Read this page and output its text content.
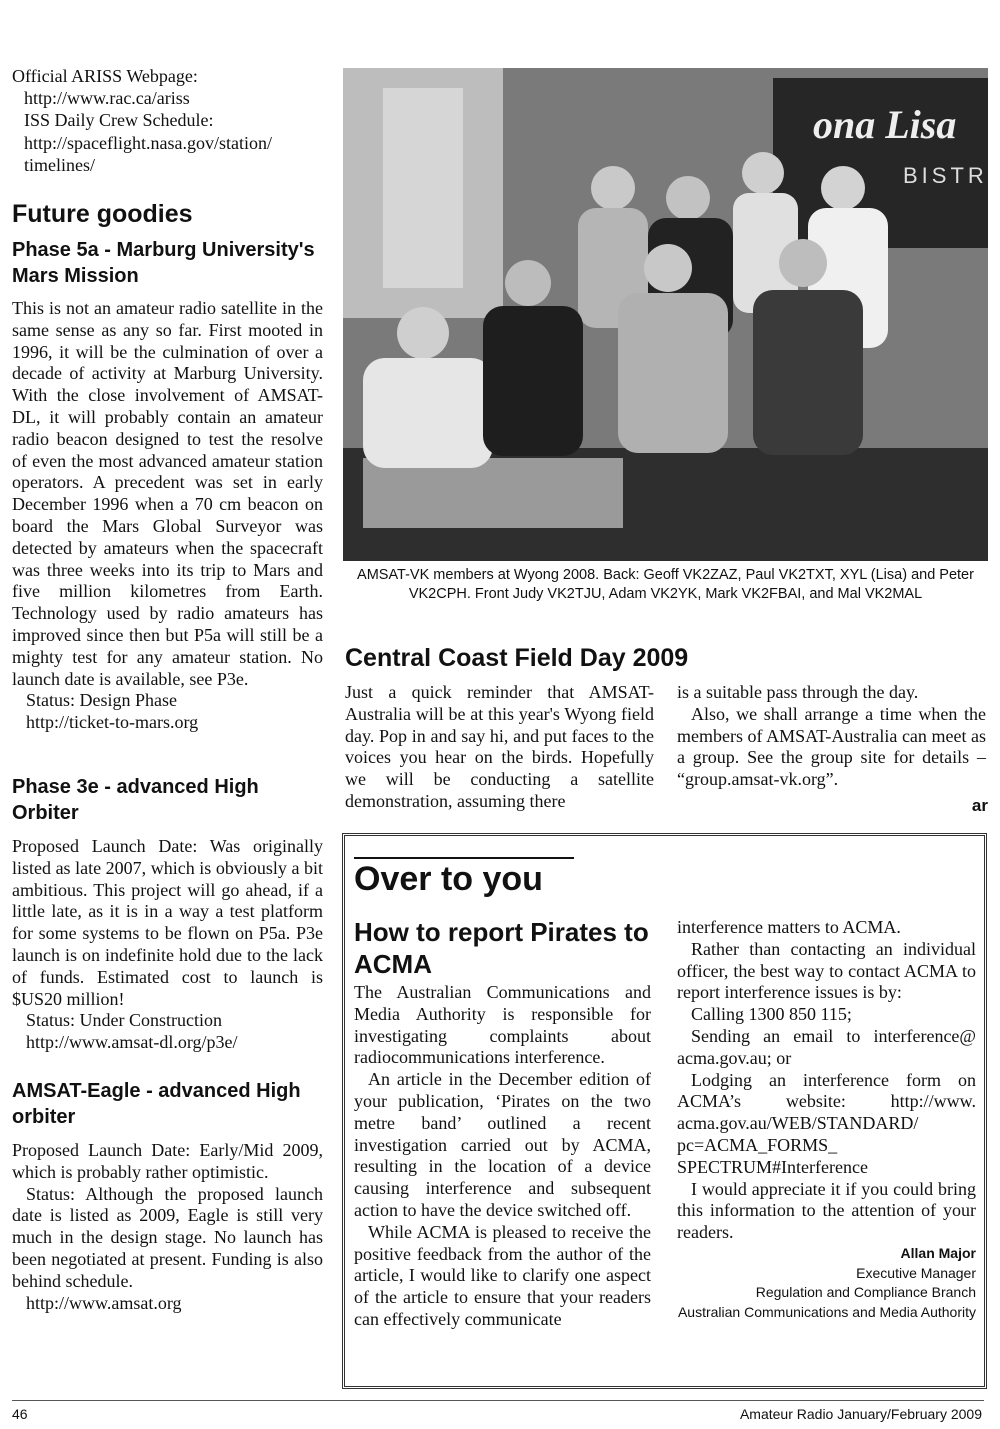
Official ARISS Webpage:

http://www.rac.ca/ariss

ISS Daily Crew Schedule:

http://spaceflight.nasa.gov/station/ timelines/

Future goodies
Phase 5a - Marburg University's Mars Mission

This is not an amateur radio satellite in the same sense as any so far. First mooted in 1996, it will be the culmination of over a decade of activity at Marburg University. With the close involvement of AMSAT-DL, it will probably contain an amateur radio beacon designed to test the resolve of even the most advanced amateur station operators. A precedent was set in early December 1996 when a 70 cm beacon on board the Mars Global Surveyor was detected by amateurs when the spacecraft was three weeks into its trip to Mars and five million kilometres from Earth. Technology used by radio amateurs has improved since then but P5a will still be a mighty test for any amateur station. No launch date is available, see P3e.

Status: Design Phase

http://ticket-to-mars.org

Phase 3e - advanced High Orbiter

Proposed Launch Date: Was originally listed as late 2007, which is obviously a bit ambitious. This project will go ahead, if a little late, as it is in a way a test platform for some systems to be flown on P5a. P3e launch is on indefinite hold due to the lack of funds. Estimated cost to launch is $US20 million!

Status: Under Construction

http://www.amsat-dl.org/p3e/

AMSAT-Eagle - advanced High orbiter

Proposed Launch Date: Early/Mid 2009, which is probably rather optimistic.

Status: Although the proposed launch date is listed as 2009, Eagle is still very much in the design stage. No launch has been negotiated at present. Funding is also behind schedule.

http://www.amsat.org

ona Lisa
BISTR
AMSAT-VK members at Wyong 2008. Back: Geoff VK2ZAZ, Paul VK2TXT, XYL (Lisa) and Peter VK2CPH. Front Judy VK2TJU, Adam VK2YK, Mark VK2FBAI, and Mal VK2MAL
Central Coast Field Day 2009

Just a quick reminder that AMSAT-Australia will be at this year's Wyong field day. Pop in and say hi, and put faces to the voices you hear on the birds. Hopefully we will be conducting a satellite demonstration, assuming there

is a suitable pass through the day.

Also, we shall arrange a time when the members of AMSAT-Australia can meet as a group. See the group site for details – “group.amsat-vk.org”.

ar
Over to you
How to report Pirates to ACMA

The Australian Communications and Media Authority is responsible for investigating complaints about radiocommunications interference.

An article in the December edition of your publication, ‘Pirates on the two metre band’ outlined a recent investigation carried out by ACMA, resulting in the location of a device causing interference and subsequent action to have the device switched off.

While ACMA is pleased to receive the positive feedback from the author of the article, I would like to clarify one aspect of the article to ensure that your readers can effectively communicate

interference matters to ACMA.

Rather than contacting an individual officer, the best way to contact ACMA to report interference issues is by:

Calling 1300 850 115;

Sending an email to interference@ acma.gov.au; or

Lodging an interference form on ACMA’s website: http://www. acma.gov.au/WEB/STANDARD/ pc=ACMA_FORMS_ SPECTRUM#Interference

I would appreciate it if you could bring this information to the attention of your readers.

Allan Major
Executive Manager
Regulation and Compliance Branch
Australian Communications and Media Authority
46	Amateur Radio January/February 2009
